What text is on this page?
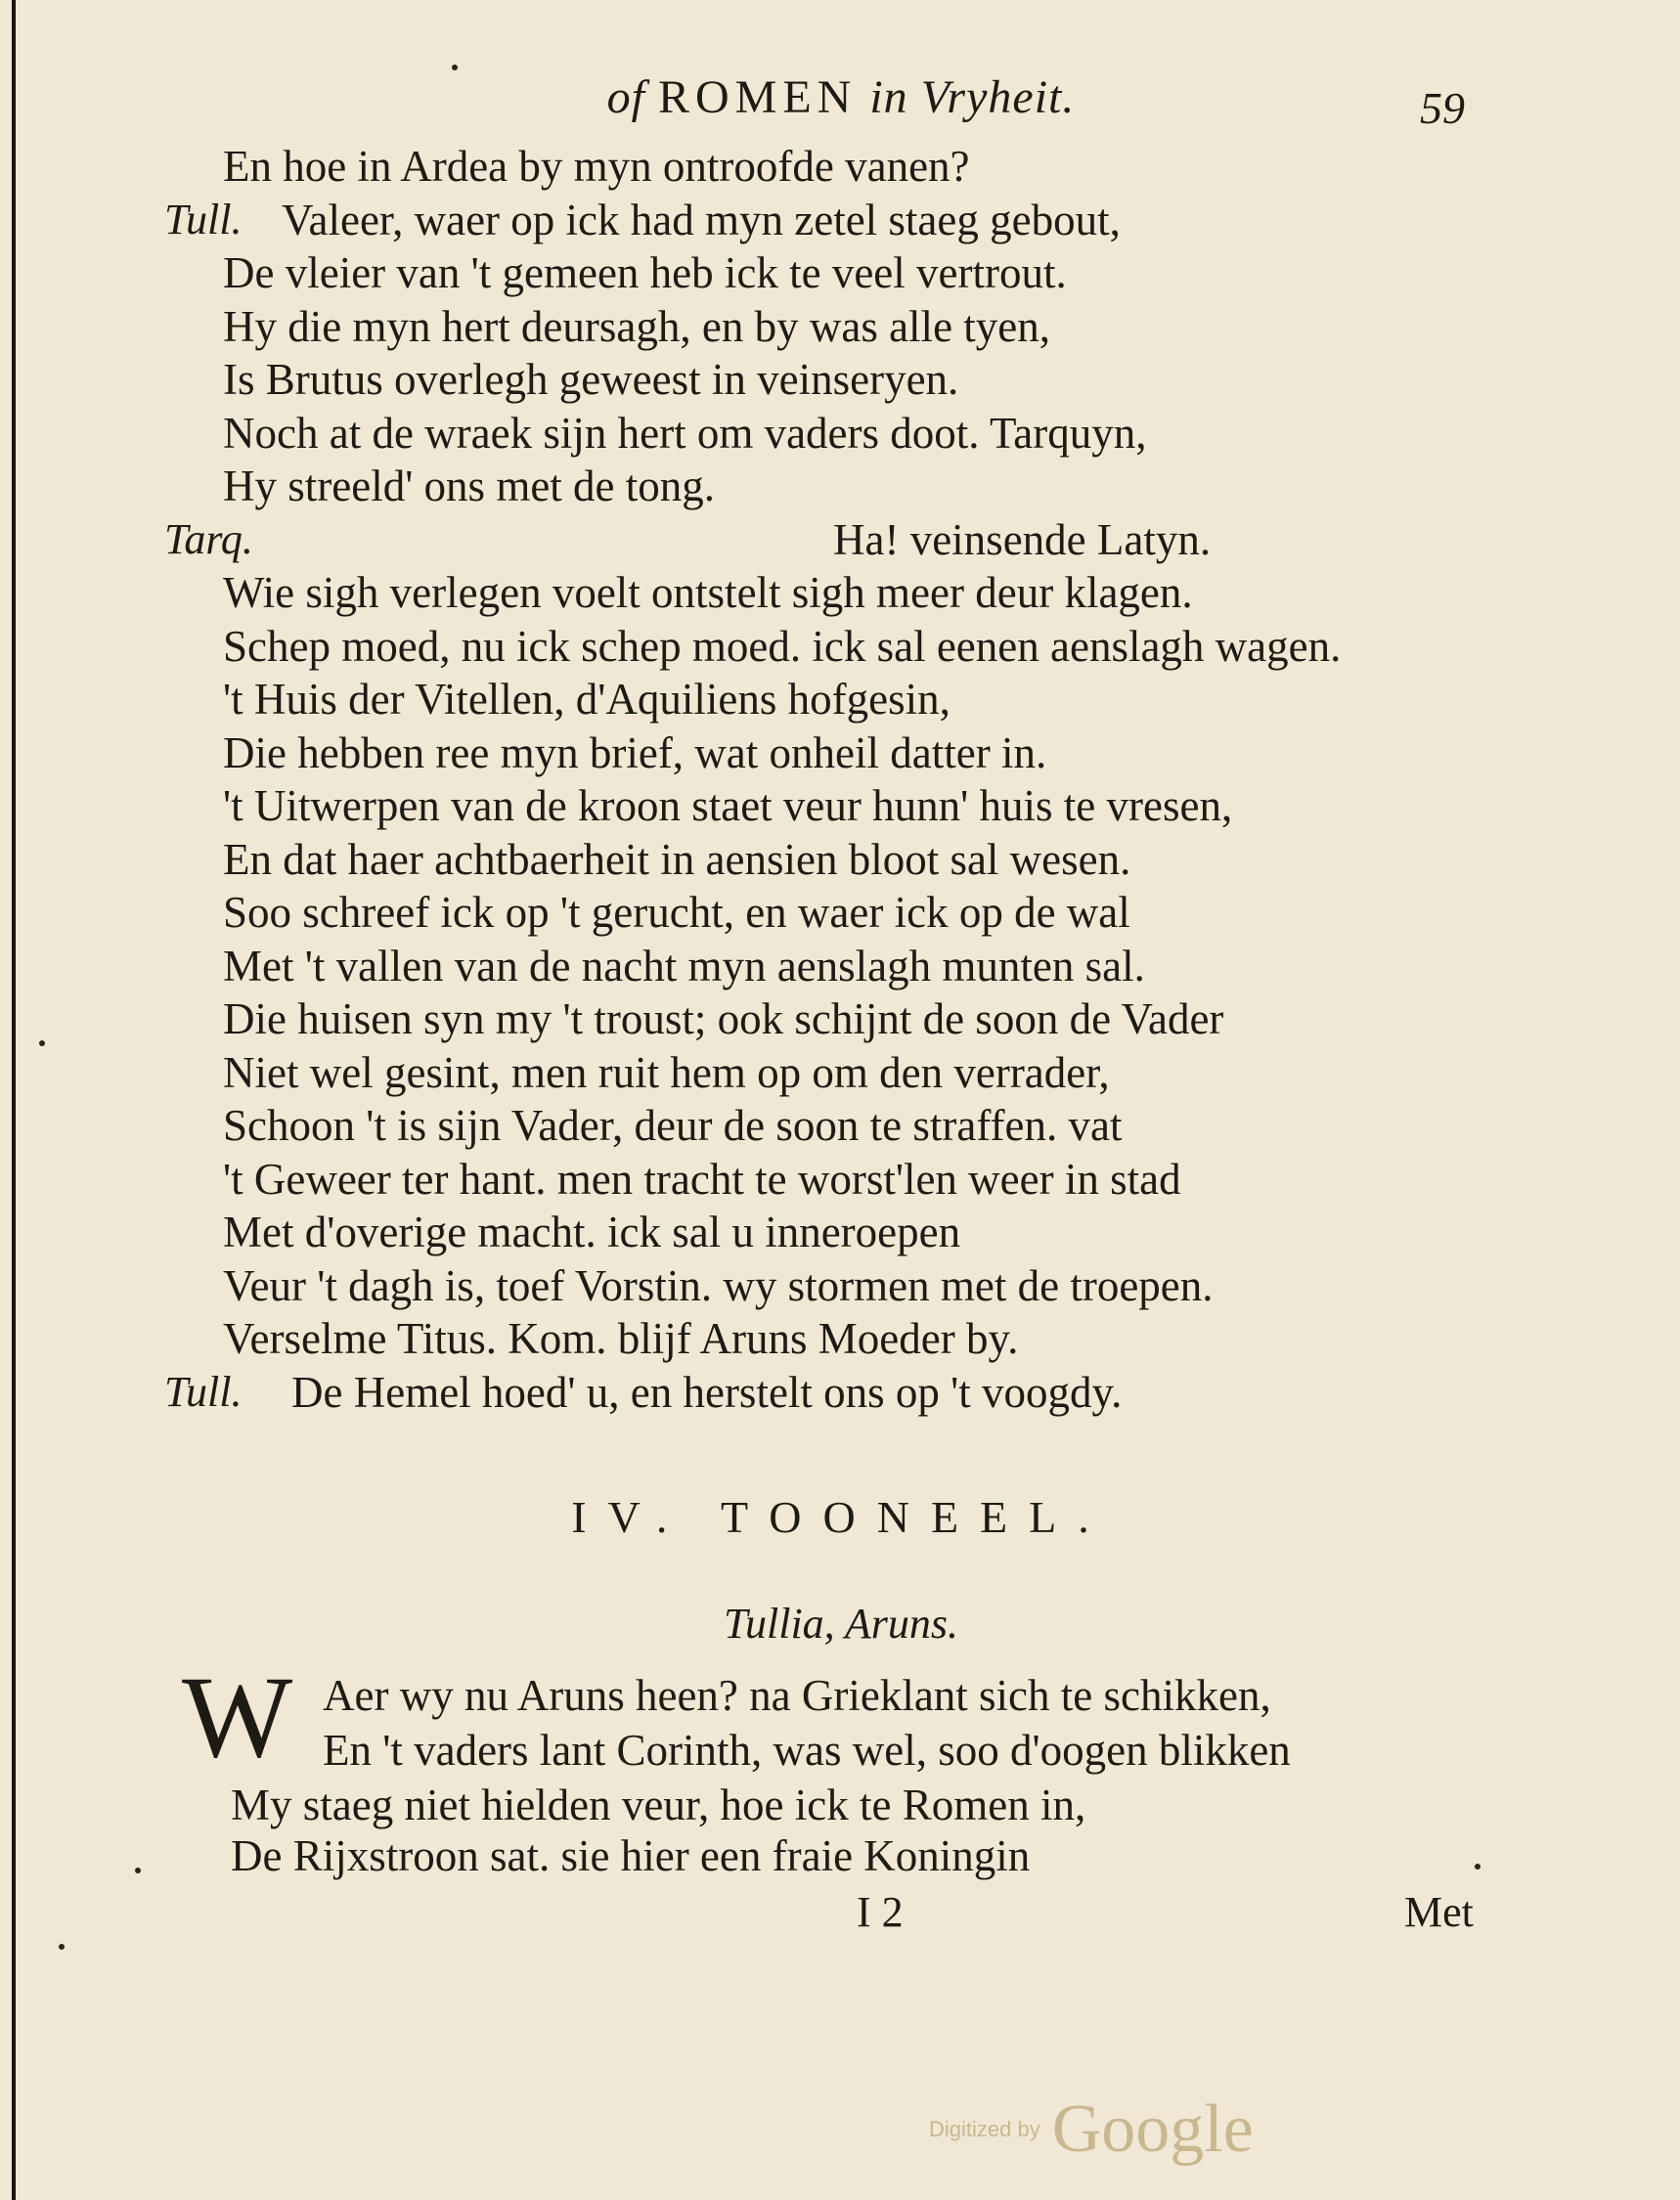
of ROMEN in Vryheit.	59
En hoe in Ardea by myn ontroofde vanen?
Tull. Valeer, waer op ick had myn zetel staeg gebout,
De vleier van 't gemeen heb ick te veel vertrout.
Hy die myn hert deursagh, en by was alle tyen,
Is Brutus overlegh geweest in veinseryen.
Noch at de wraek sijn hert om vaders doot. Tarquyn,
Hy streeld' ons met de tong.
Tarq.	Ha! veinsende Latyn.
Wie sigh verlegen voelt ontstelt sigh meer deur klagen.
Schep moed, nu ick schep moed. ick sal eenen aenslagh wagen.
't Huis der Vitellen, d'Aquiliens hofgesin,
Die hebben ree myn brief, wat onheil datter in.
't Uitwerpen van de kroon staet veur hunn' huis te vresen,
En dat haer achtbaerheit in aensien bloot sal wesen.
Soo schreef ick op 't gerucht, en waer ick op de wal
Met 't vallen van de nacht myn aenslagh munten sal.
Die huisen syn my 't troust; ook schijnt de soon de Vader
Niet wel gesint, men ruit hem op om den verrader,
Schoon 't is sijn Vader, deur de soon te straffen. vat
't Geweer ter hant. men tracht te worst'len weer in stad
Met d'overige macht. ick sal u inneroepen
Veur 't dagh is, toef Vorstin. wy stormen met de troepen.
Verselme Titus. Kom. blijf Aruns Moeder by.
Tull. De Hemel hoed' u, en herstelt ons op 't voogdy.
IV. TOONEEL.
Tullia, Aruns.
W Aer wy nu Aruns heen? na Grieklant sich te schikken,
En 't vaders lant Corinth, was wel, soo d'oogen blikken
My staeg niet hielden veur, hoe ick te Romen in,
De Rijxstroon sat. sie hier een fraie Koningin
I 2	Met
Digitized by Google
